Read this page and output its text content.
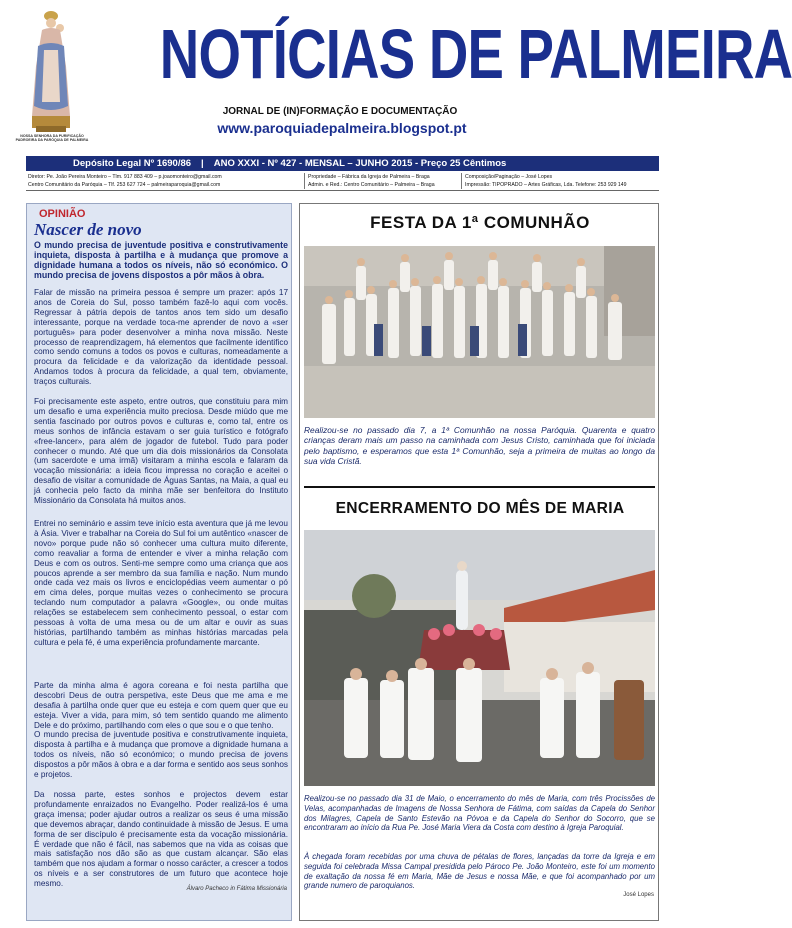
NOSSA SENHORA DA PURIFICAÇÃO
PADROEIRA DA PARÓQUIA DE PALMEIRA
NOTÍCIAS DE PALMEIRA
JORNAL DE (IN)FORMAÇÃO E DOCUMENTAÇÃO
www.paroquiadepalmeira.blogspot.pt
Depósito Legal Nº 1690/86 | ANO XXXI - Nº 427 - MENSAL – JUNHO 2015 - Preço 25 Cêntimos
Diretor: Pe. João Pereira Monteiro – Tlm. 917 883 409 – p.joaomonteiro@gmail.com
Centro Comunitário da Paróquia – Tlf. 253 627 724 – palmeiraparoquia@gmail.com
Propriedade – Fábrica da Igreja de Palmeira – Braga
Admin. e Red.: Centro Comunitário – Palmeira – Braga
Composição/Paginação – José Lopes
Impressão: TIPOPRADO – Artes Gráficas, Lda. Telefone: 253 929 149
OPINIÃO
Nascer de novo
O mundo precisa de juventude positiva e construtivamente inquieta, disposta à partilha e à mudança que promove a dignidade humana a todos os níveis, não só económico. O mundo precisa de jovens dispostos a pôr mãos à obra.
Falar de missão na primeira pessoa é sempre um prazer: após 17 anos de Coreia do Sul, posso também fazê-lo aqui com vocês. Regressar à pátria depois de tantos anos tem sido um desafio interessante, porque na verdade toca-me aprender de novo a «ser português» para poder desenvolver a minha nova missão. Neste processo de reaprendizagem, há elementos que facilmente identifico como sendo comuns a todos os povos e culturas, nomeadamente a procura da felicidade e da valorização da identidade pessoal. Andamos todos à procura da felicidade, a qual tem, obviamente, traços culturais.
Foi precisamente este aspeto, entre outros, que constituiu para mim um desafio e uma experiência muito preciosa. Desde miúdo que me sentia fascinado por outros povos e culturas e, como tal, entre os meus sonhos de infância estavam o ser guia turístico e fotógrafo «free-lancer», para além de jogador de futebol. Tudo para poder conhecer o mundo. Até que um dia dois missionários da Consolata (um sacerdote e uma irmã) visitaram a minha escola e falaram da vocação missionária: a ideia ficou impressa no coração e aceitei o desafio de visitar a comunidade de Águas Santas, na Maia, a qual eu já conhecia pelo facto da minha mãe ser benfeitora do Instituto Missionário da Consolata há muitos anos.
Entrei no seminário e assim teve início esta aventura que já me levou à Ásia. Viver e trabalhar na Coreia do Sul foi um autêntico «nascer de novo» porque pude não só conhecer uma cultura muito diferente, como reavaliar a forma de entender e viver a minha relação com Deus e com os outros. Senti-me sempre como uma criança que aos poucos aprende a ser membro da sua família e nação. Num mundo onde cada vez mais os livros e enciclopédias veem aumentar o pó em cima deles, porque muitas vezes o conhecimento se procura teclando num computador a palavra «Google», ou onde muitas relações se estabelecem sem conhecimento pessoal, o estar com pessoas à volta de uma mesa ou de um altar e ouvir as suas histórias, partilhando também as minhas histórias marcadas pela cultura e pela fé, é uma experiência profundamente marcante.
Parte da minha alma é agora coreana e foi nesta partilha que descobri Deus de outra perspetiva, este Deus que me ama e me desafia à partilha onde quer que eu esteja e com quem quer que eu esteja. Viver a vida, para mim, só tem sentido quando me alimento Dele e do próximo, partilhando com eles o que sou e o que tenho.
O mundo precisa de juventude positiva e construtivamente inquieta, disposta à partilha e à mudança que promove a dignidade humana a todos os níveis, não só económico; o mundo precisa de jovens dispostos a pôr mãos à obra e a dar forma e sentido aos seus sonhos e projetos.
Da nossa parte, estes sonhos e projectos devem estar profundamente enraizados no Evangelho. Poder realizá-los é uma graça imensa; poder ajudar outros a realizar os seus é uma missão que devemos abraçar, dando continuidade à missão de Jesus. E uma forma de ser discípulo é precisamente esta da vocação missionária. É verdade que não é fácil, nas sabemos que na vida as coisas que mais satisfação nos dão são as que custam alcançar. São elas também que nos ajudam a formar o nosso carácter, a crescer a todos os níveis e a ser construtores de um futuro que acontece hoje mesmo.
Álvaro Pacheco in Fátima Missionária
FESTA DA 1ª COMUNHÃO
Realizou-se no passado dia 7, a 1ª Comunhão na nossa Paróquia. Quarenta e quatro crianças deram mais um passo na caminhada com Jesus Cristo, caminhada que foi iniciada pelo baptismo, e esperamos que esta 1ª Comunhão, seja a primeira de muitas ao longo da sua vida Cristã.
ENCERRAMENTO DO MÊS DE MARIA
Realizou-se no passado dia 31 de Maio, o encerramento do mês de Maria, com três Procissões de Velas, acompanhadas de Imagens de Nossa Senhora de Fátima, com saídas da Capela do Senhor dos Milagres, Capela de Santo Estevão na Póvoa e da Capela do Senhor do Socorro, que se encontraram ao início da Rua Pe. José Maria Viera da Costa com destino à Igreja Paroquial.
À chegada foram recebidas por uma chuva de pétalas de flores, lançadas da torre da Igreja e em seguida foi celebrada Missa Campal presidida pelo Pároco Pe. João Monteiro, este foi um momento de exaltação da nossa fé em Maria, Mãe de Jesus e nossa Mãe, e que foi acompanhado por um grande numero de paroquianos.
José Lopes
